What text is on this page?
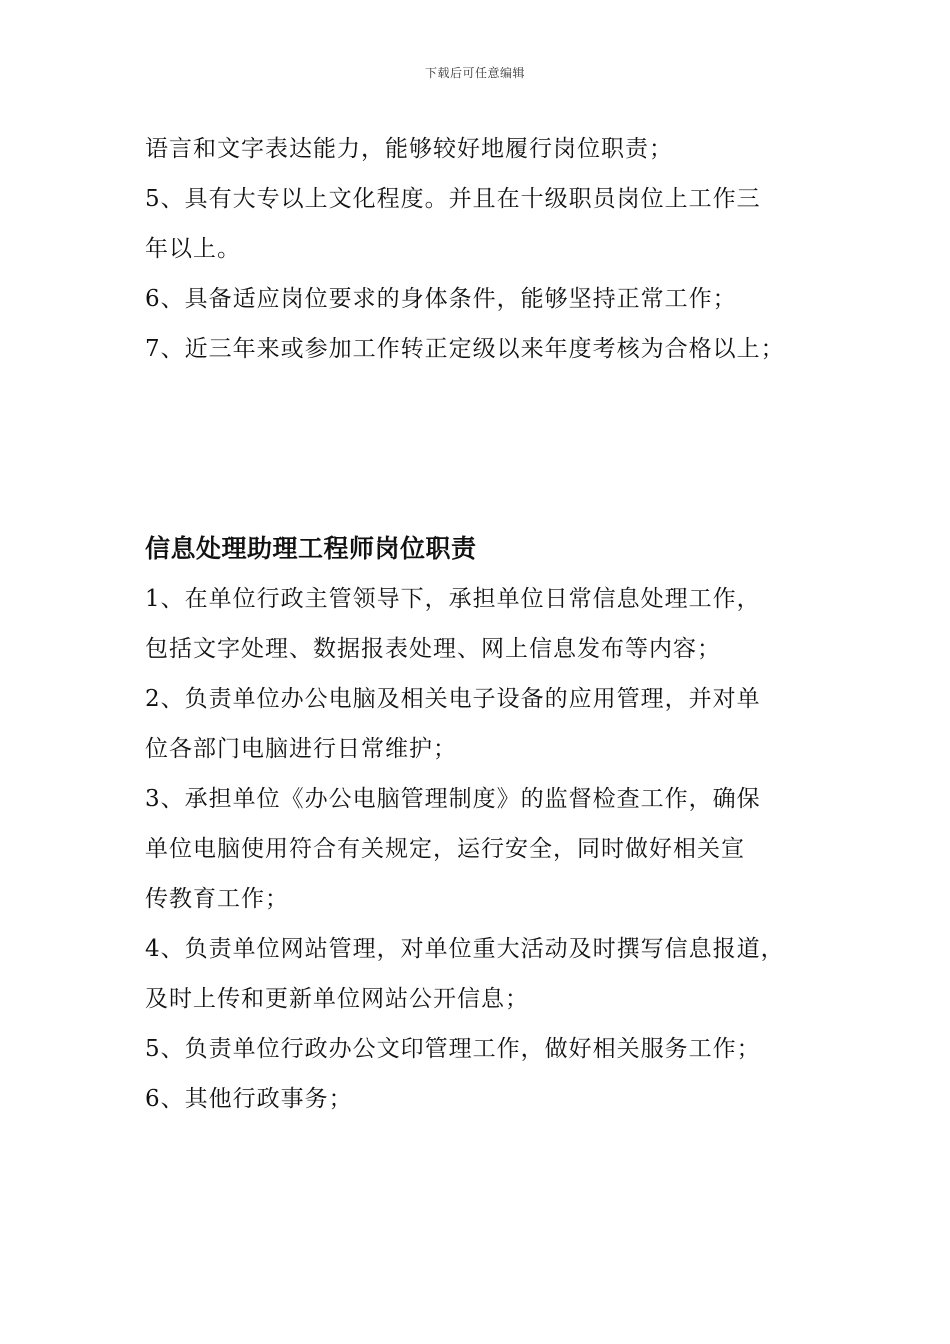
下载后可任意编辑
语言和文字表达能力，能够较好地履行岗位职责；
5、具有大专以上文化程度。并且在十级职员岗位上工作三
年以上。
6、具备适应岗位要求的身体条件，能够坚持正常工作；
7、近三年来或参加工作转正定级以来年度考核为合格以上；
信息处理助理工程师岗位职责
1、在单位行政主管领导下，承担单位日常信息处理工作，
包括文字处理、数据报表处理、网上信息发布等内容；
2、负责单位办公电脑及相关电子设备的应用管理，并对单
位各部门电脑进行日常维护；
3、承担单位《办公电脑管理制度》的监督检查工作，确保
单位电脑使用符合有关规定，运行安全，同时做好相关宣
传教育工作；
4、负责单位网站管理，对单位重大活动及时撰写信息报道，
及时上传和更新单位网站公开信息；
5、负责单位行政办公文印管理工作，做好相关服务工作；
6、其他行政事务；
